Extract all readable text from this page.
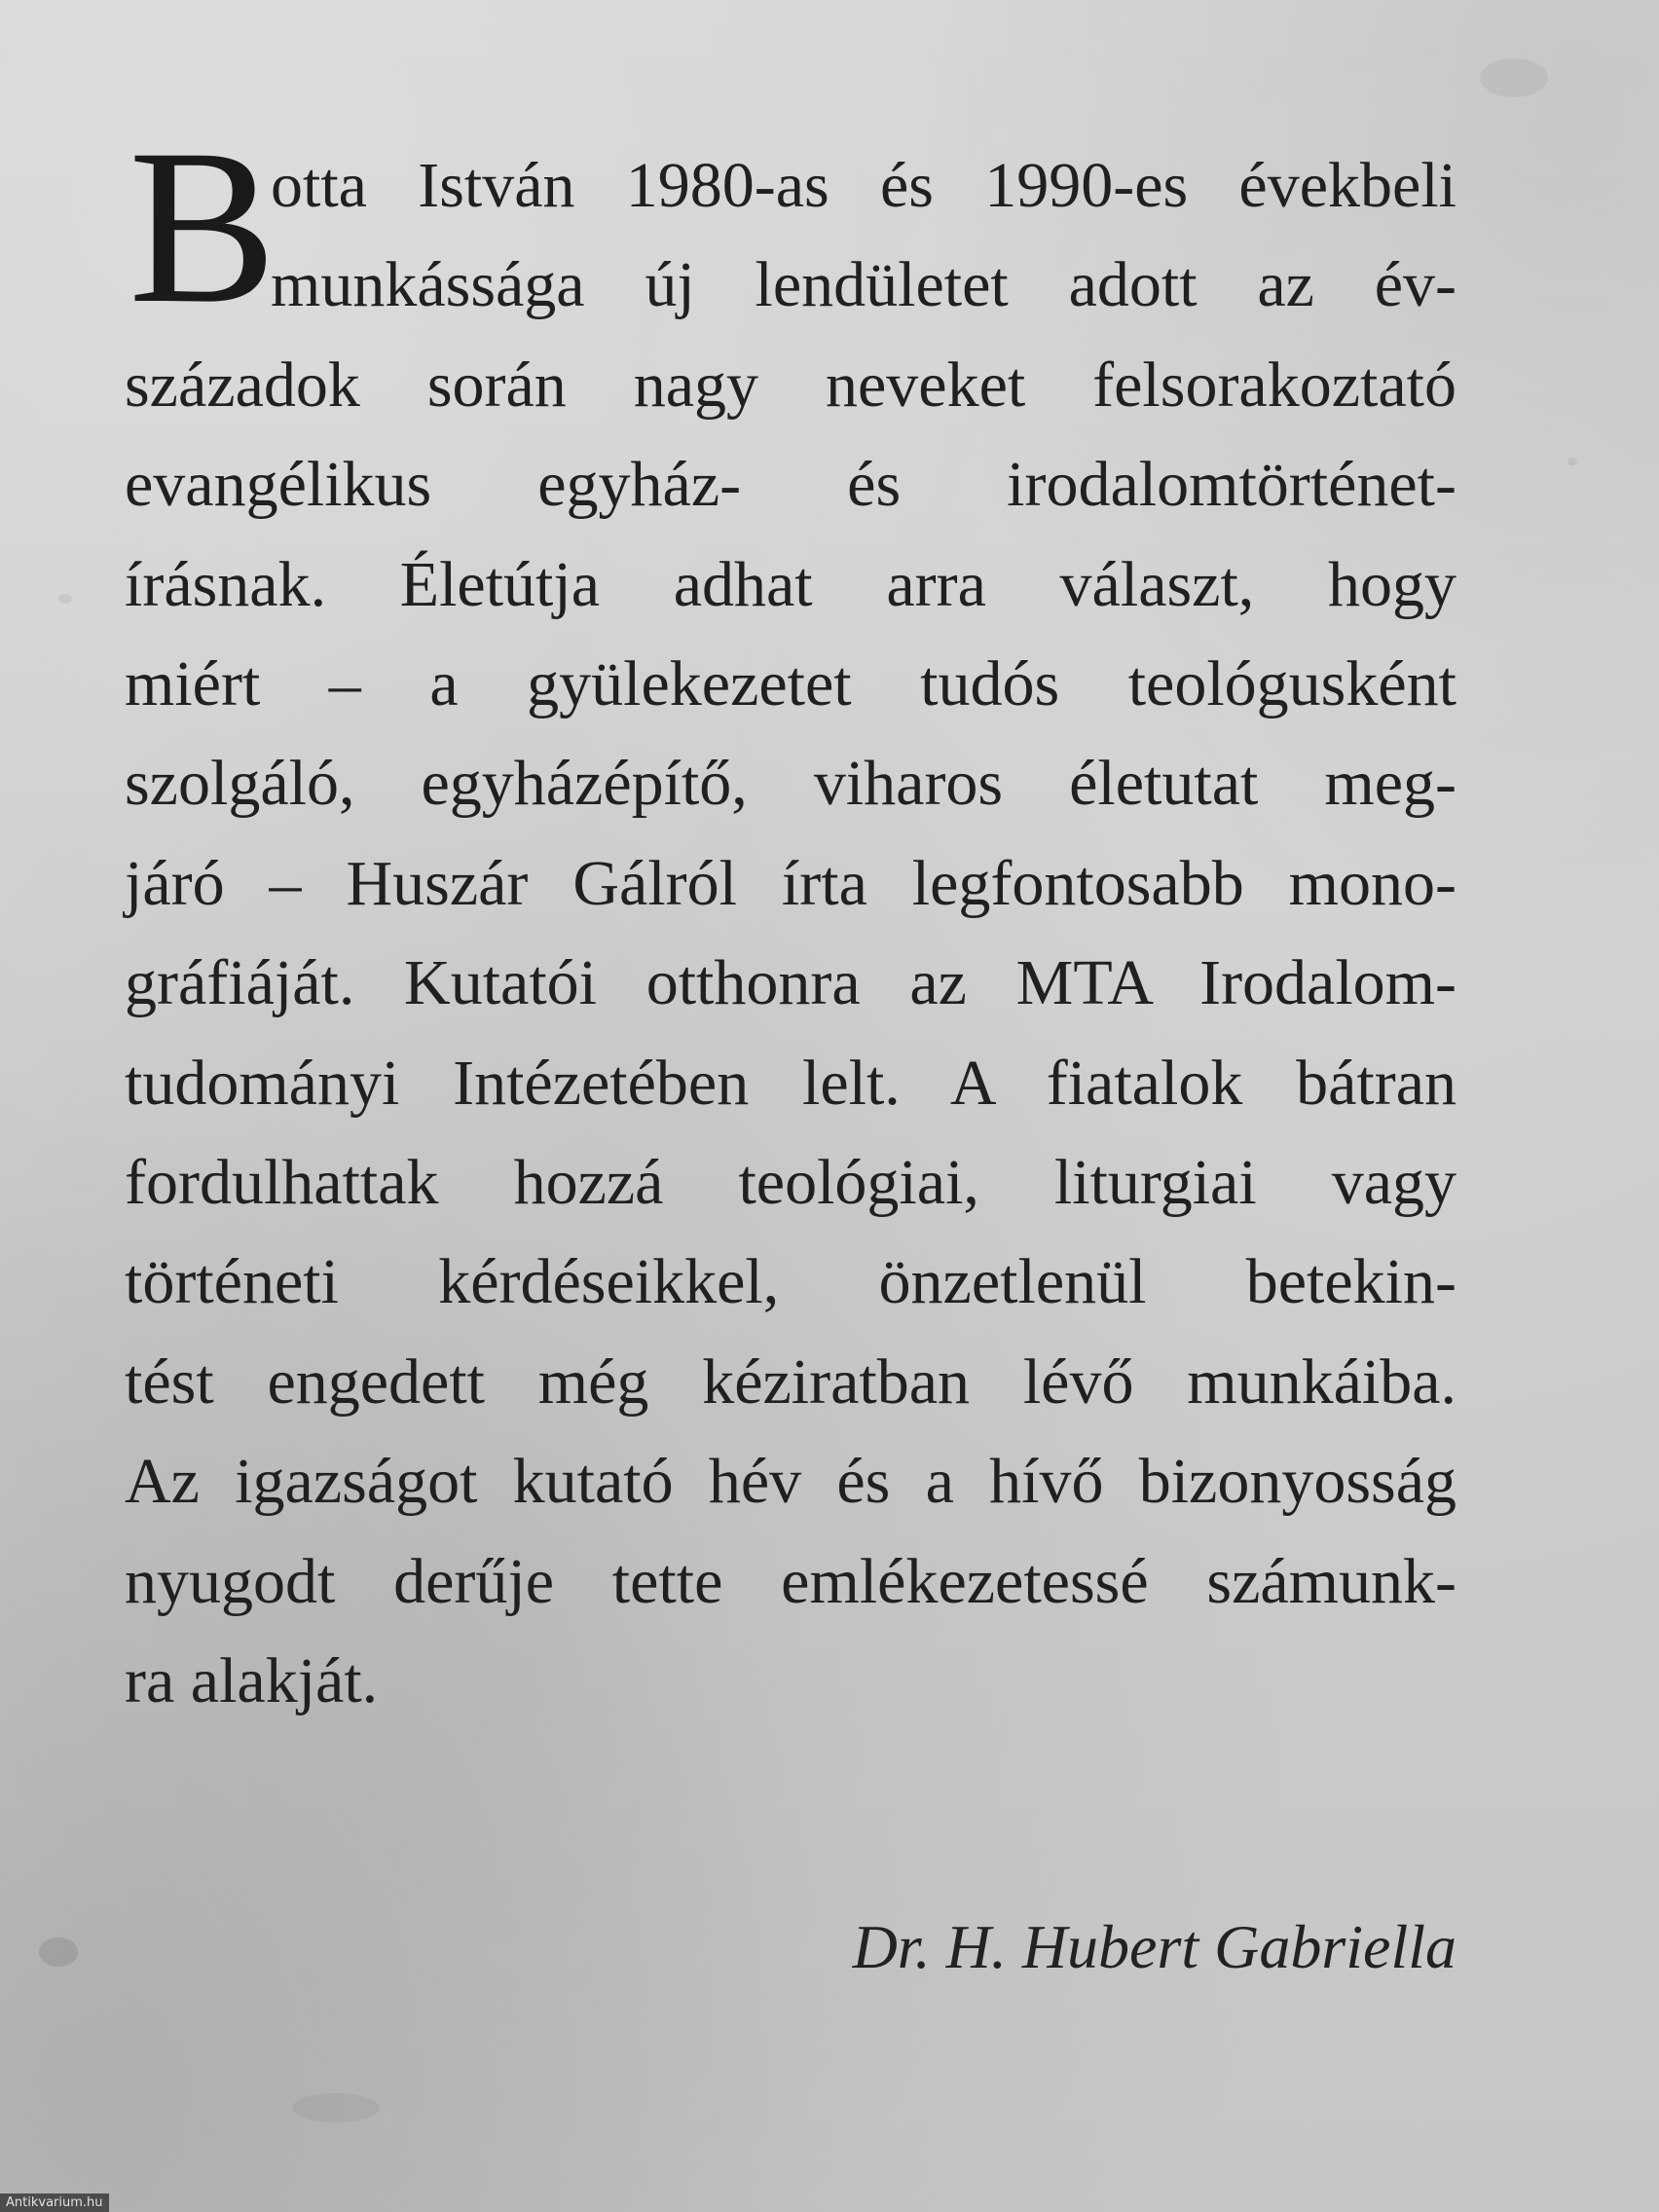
B

otta István 1980-as és 1990-es évekbeli
munkássága új lendületet adott az év-
századok során nagy neveket felsorakoztató
evangélikus egyház- és irodalomtörténet-
írásnak. Életútja adhat arra választ, hogy
miért – a gyülekezetet tudós teológusként
szolgáló, egyházépítő, viharos életutat meg-
járó – Huszár Gálról írta legfontosabb mono-
gráfiáját. Kutatói otthonra az MTA Irodalom-
tudományi Intézetében lelt. A fiatalok bátran
fordulhattak hozzá teológiai, liturgiai vagy
történeti kérdéseikkel, önzetlenül betekin-
tést engedett még kéziratban lévő munkáiba.
Az igazságot kutató hév és a hívő bizonyosság
nyugodt derűje tette emlékezetessé számunk-
ra alakját.

Dr. H. Hubert Gabriella

Antikvarium.hu
